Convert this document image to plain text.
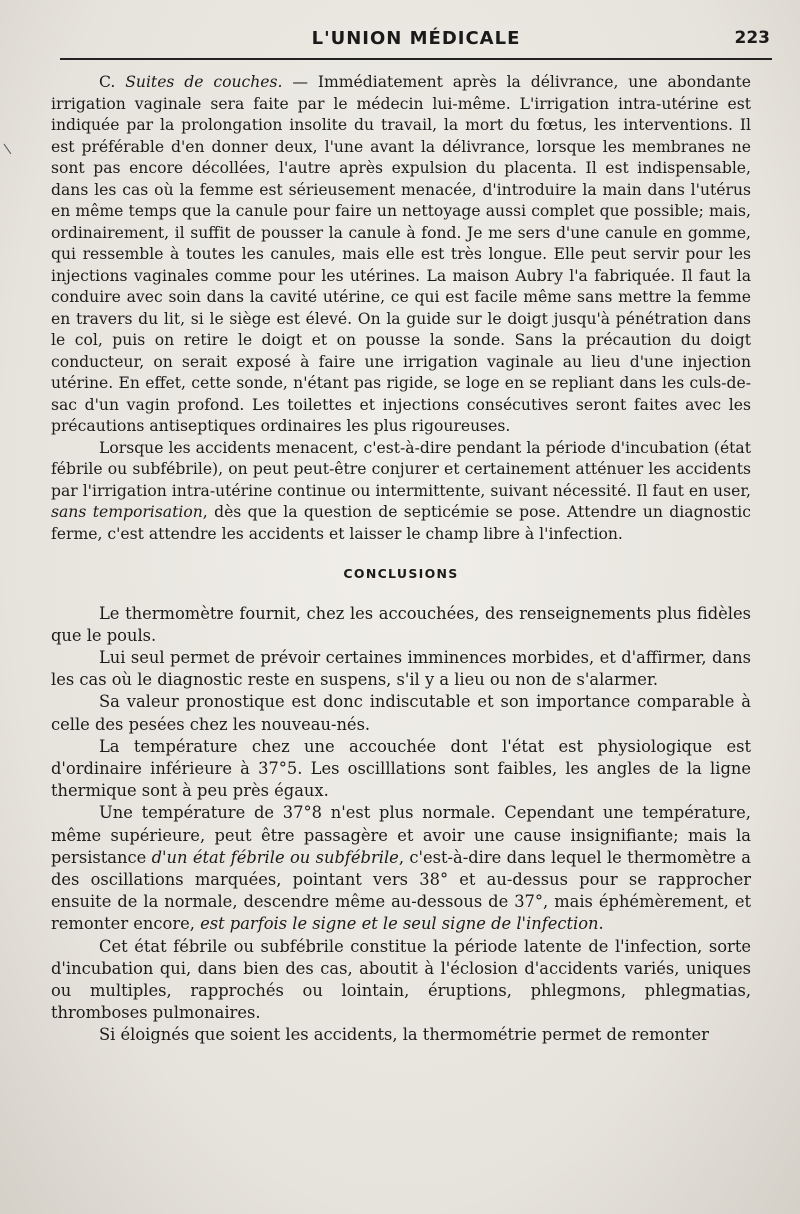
L'UNION MÉDICALE	223

C. Suites de couches. — Immédiatement après la délivrance, une abondante irrigation vaginale sera faite par le médecin lui-même. L'irrigation intra-utérine est indiquée par la prolongation insolite du travail, la mort du fœtus, les interventions. Il est préférable d'en donner deux, l'une avant la délivrance, lorsque les membranes ne sont pas encore décollées, l'autre après expulsion du placenta. Il est indispensable, dans les cas où la femme est sérieusement menacée, d'introduire la main dans l'utérus en même temps que la canule pour faire un nettoyage aussi complet que possible; mais, ordinairement, il suffit de pousser la canule à fond. Je me sers d'une canule en gomme, qui ressemble à toutes les canules, mais elle est très longue. Elle peut servir pour les injections vaginales comme pour les utérines. La maison Aubry l'a fabriquée. Il faut la conduire avec soin dans la cavité utérine, ce qui est facile même sans mettre la femme en travers du lit, si le siège est élevé. On la guide sur le doigt jusqu'à pénétration dans le col, puis on retire le doigt et on pousse la sonde. Sans la précaution du doigt conducteur, on serait exposé à faire une irrigation vaginale au lieu d'une injection utérine. En effet, cette sonde, n'étant pas rigide, se loge en se repliant dans les culs-de-sac d'un vagin profond. Les toilettes et injections consécutives seront faites avec les précautions antiseptiques ordinaires les plus rigoureuses.

Lorsque les accidents menacent, c'est-à-dire pendant la période d'incubation (état fébrile ou subfébrile), on peut peut-être conjurer et certainement atténuer les accidents par l'irrigation intra-utérine continue ou intermittente, suivant nécessité. Il faut en user, sans temporisation, dès que la question de septicémie se pose. Attendre un diagnostic ferme, c'est attendre les accidents et laisser le champ libre à l'infection.

CONCLUSIONS

Le thermomètre fournit, chez les accouchées, des renseignements plus fidèles que le pouls.

Lui seul permet de prévoir certaines imminences morbides, et d'affirmer, dans les cas où le diagnostic reste en suspens, s'il y a lieu ou non de s'alarmer.

Sa valeur pronostique est donc indiscutable et son importance comparable à celle des pesées chez les nouveau-nés.

La température chez une accouchée dont l'état est physiologique est d'ordinaire inférieure à 37°5. Les oscilllations sont faibles, les angles de la ligne thermique sont à peu près égaux.

Une température de 37°8 n'est plus normale. Cependant une température, même supérieure, peut être passagère et avoir une cause insignifiante; mais la persistance d'un état fébrile ou subfébrile, c'est-à-dire dans lequel le thermomètre a des oscillations marquées, pointant vers 38° et au-dessus pour se rapprocher ensuite de la normale, descendre même au-dessous de 37°, mais éphémèrement, et remonter encore, est parfois le signe et le seul signe de l'infection.

Cet état fébrile ou subfébrile constitue la période latente de l'infection, sorte d'incubation qui, dans bien des cas, aboutit à l'éclosion d'accidents variés, uniques ou multiples, rapprochés ou lointain, éruptions, phlegmons, phlegmatias, thromboses pulmonaires.

Si éloignés que soient les accidents, la thermométrie permet de remonter
